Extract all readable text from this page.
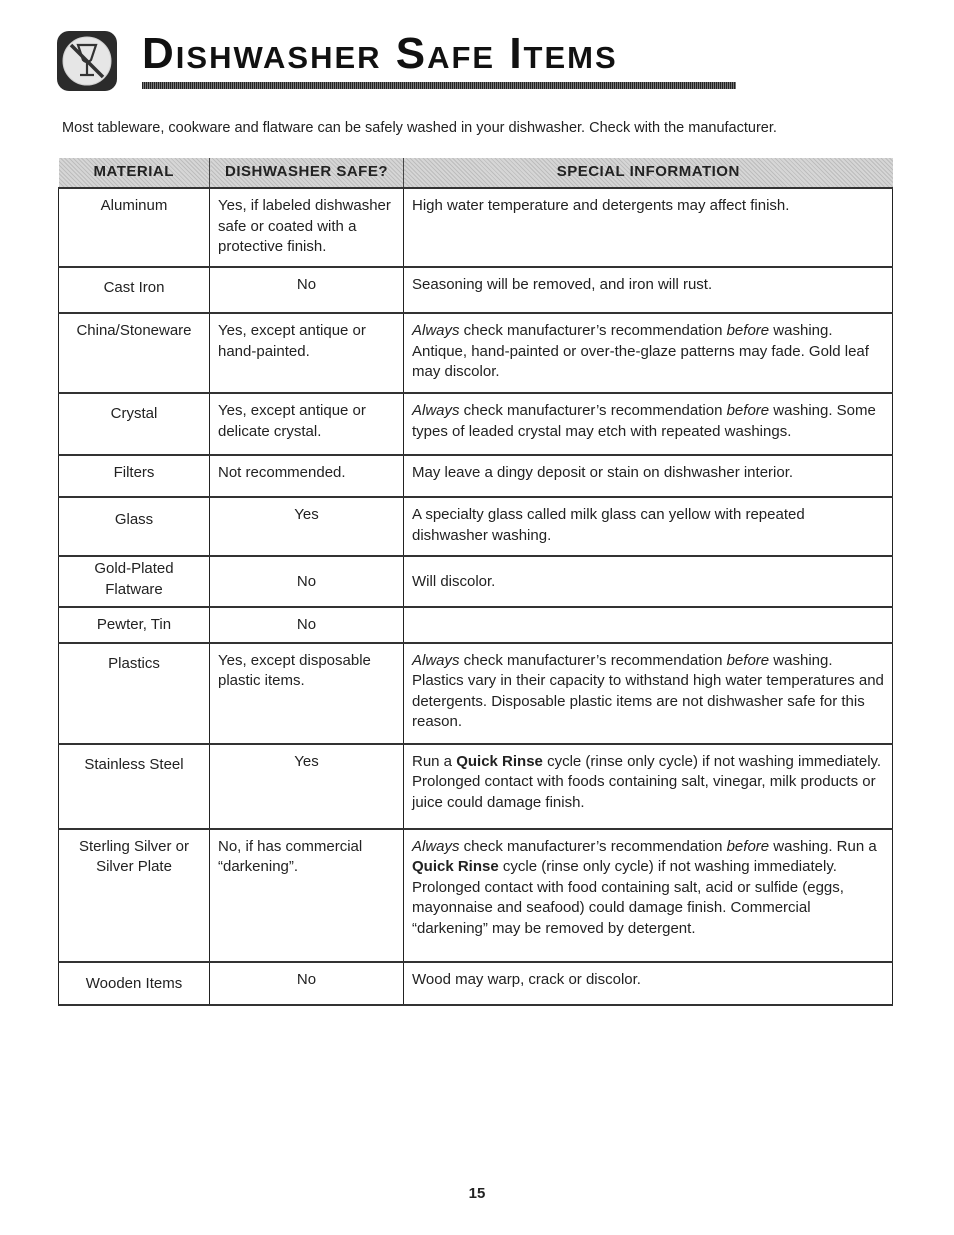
Dishwasher Safe Items

Most tableware, cookware and flatware can be safely washed in your dishwasher. Check with the manufacturer.

MATERIAL	DISHWASHER SAFE?	SPECIAL INFORMATION
Aluminum	Yes, if labeled dishwasher safe or coated with a protective finish.	High water temperature and detergents may affect finish.

Cast Iron	No	Seasoning will be removed, and iron will rust.
China/Stoneware	Yes, except antique or hand-painted.	Always check manufacturer’s recommendation before washing. Antique, hand-painted or over-the-glaze patterns may fade. Gold leaf may discolor.

Crystal	Yes, except antique or delicate crystal.	Always check manufacturer’s recommendation before washing. Some types of leaded crystal may etch with repeated washings.
Filters	Not recommended.	May leave a dingy deposit or stain on dishwasher interior.

Glass	Yes	A specialty glass called milk glass can yellow with repeated dishwasher washing.
Gold-Plated Flatware	No	Will discolor.
Pewter, Tin	No	

Plastics	Yes, except disposable plastic items.	Always check manufacturer’s recommendation before washing. Plastics vary in their capacity to withstand high water temperatures and detergents. Disposable plastic items are not dishwasher safe for this reason.

Stainless Steel	Yes	Run a Quick Rinse cycle (rinse only cycle) if not washing immediately. Prolonged contact with foods containing salt, vinegar, milk products or juice could damage finish.
Sterling Silver or Silver Plate	No, if has commercial “darkening”.	Always check manufacturer’s recommendation before washing. Run a Quick Rinse cycle (rinse only cycle) if not washing immediately. Prolonged contact with food containing salt, acid or sulfide (eggs, mayonnaise and seafood) could damage finish. Commercial “darkening” may be removed by detergent.

Wooden Items	No	Wood may warp, crack or discolor.
15
